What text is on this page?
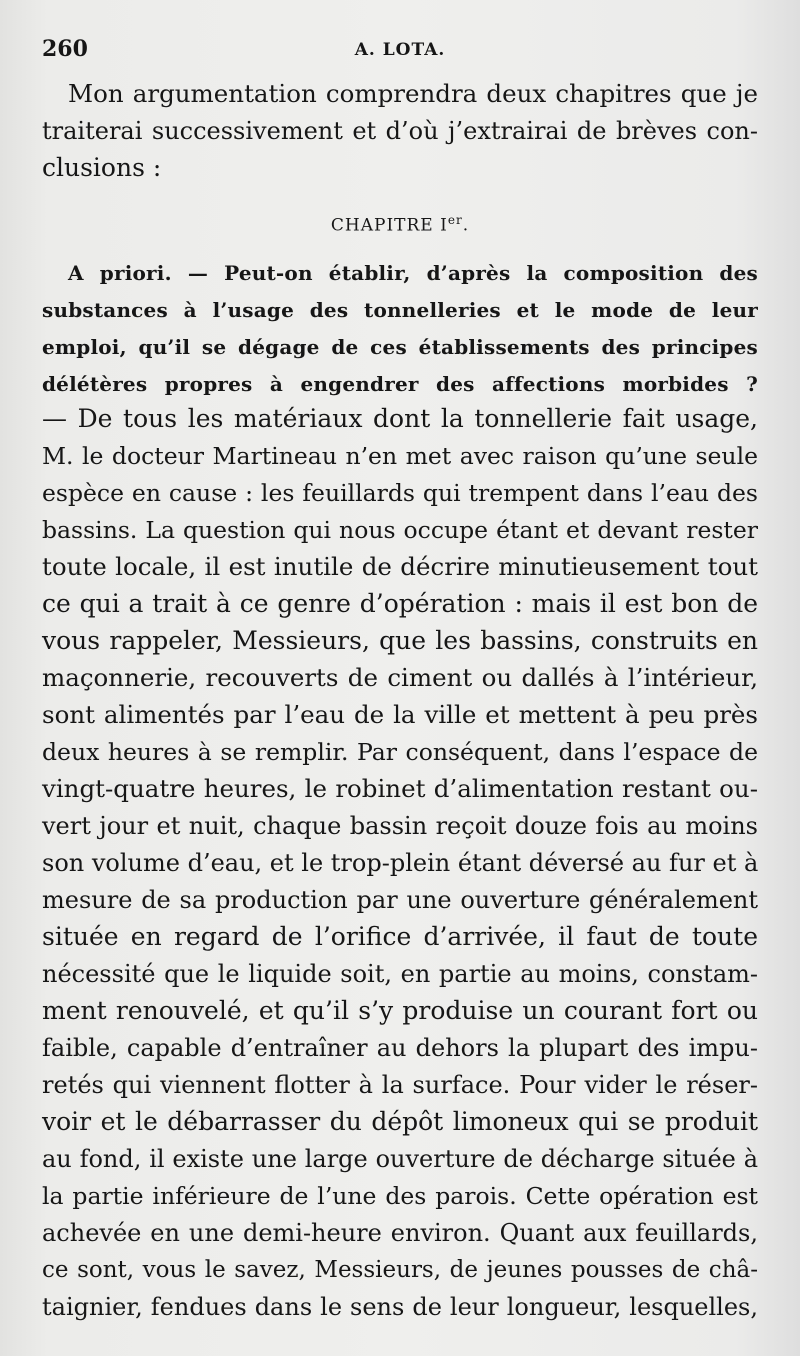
260	A. LOTA.
Mon argumentation comprendra deux chapitres que je
traiterai successivement et d’où j’extrairai de brèves con-
clusions :
CHAPITRE Ier.
A priori. — Peut-on établir, d’après la composition des
substances à l’usage des tonnelleries et le mode de leur
emploi, qu’il se dégage de ces établissements des principes
délétères propres à engendrer des affections morbides ?
— De tous les matériaux dont la tonnellerie fait usage,
M. le docteur Martineau n’en met avec raison qu’une seule
espèce en cause : les feuillards qui trempent dans l’eau des
bassins. La question qui nous occupe étant et devant rester
toute locale, il est inutile de décrire minutieusement tout
ce qui a trait à ce genre d’opération : mais il est bon de
vous rappeler, Messieurs, que les bassins, construits en
maçonnerie, recouverts de ciment ou dallés à l’intérieur,
sont alimentés par l’eau de la ville et mettent à peu près
deux heures à se remplir. Par conséquent, dans l’espace de
vingt-quatre heures, le robinet d’alimentation restant ou-
vert jour et nuit, chaque bassin reçoit douze fois au moins
son volume d’eau, et le trop-plein étant déversé au fur et à
mesure de sa production par une ouverture généralement
située en regard de l’orifice d’arrivée, il faut de toute
nécessité que le liquide soit, en partie au moins, constam-
ment renouvelé, et qu’il s’y produise un courant fort ou
faible, capable d’entraîner au dehors la plupart des impu-
retés qui viennent flotter à la surface. Pour vider le réser-
voir et le débarrasser du dépôt limoneux qui se produit
au fond, il existe une large ouverture de décharge située à
la partie inférieure de l’une des parois. Cette opération est
achevée en une demi-heure environ. Quant aux feuillards,
ce sont, vous le savez, Messieurs, de jeunes pousses de châ-
taignier, fendues dans le sens de leur longueur, lesquelles,
